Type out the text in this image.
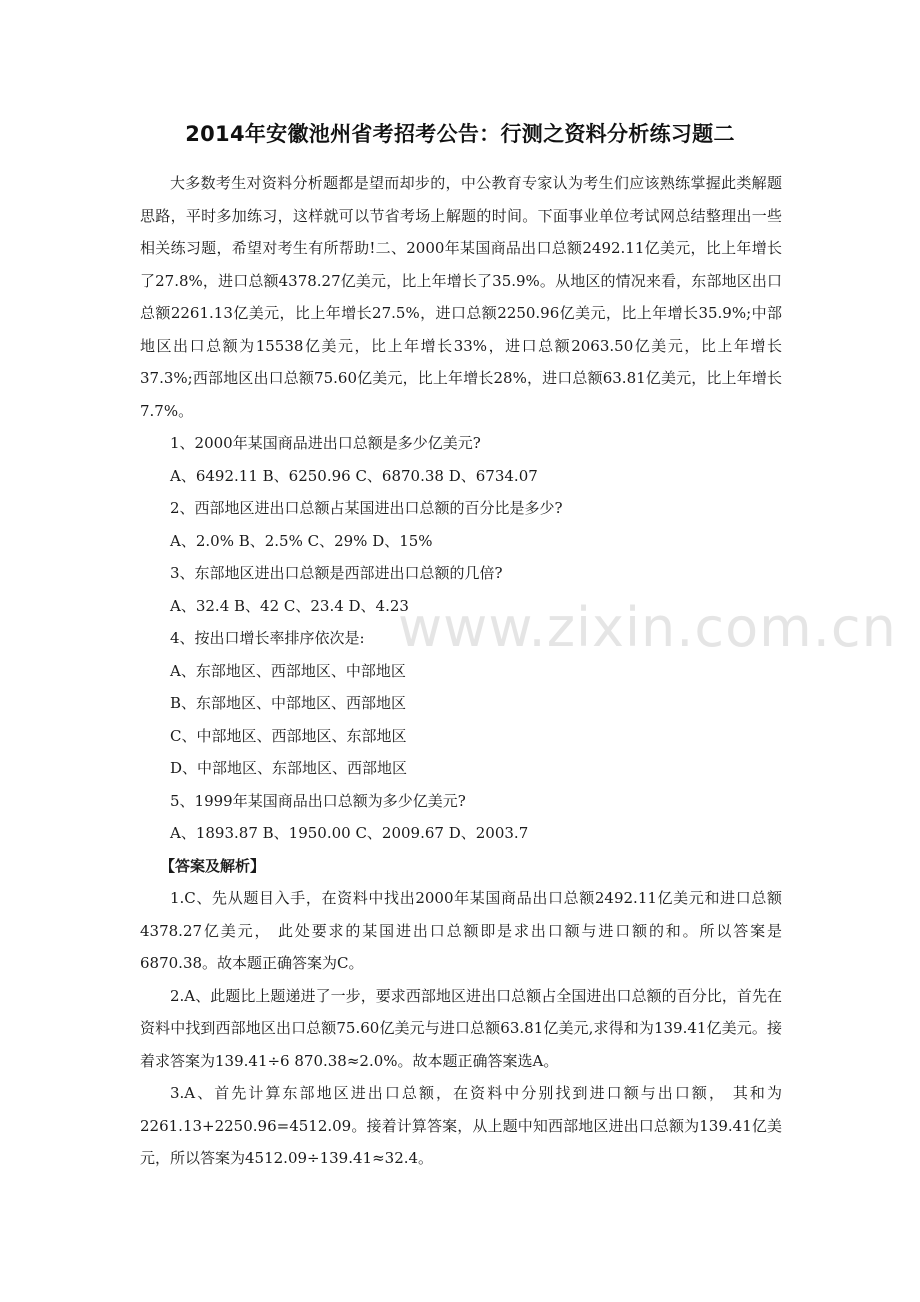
2014年安徽池州省考招考公告：行测之资料分析练习题二

大多数考生对资料分析题都是望而却步的，中公教育专家认为考生们应该熟练掌握此类解题思路，平时多加练习，这样就可以节省考场上解题的时间。下面事业单位考试网总结整理出一些相关练习题，希望对考生有所帮助!二、2000年某国商品出口总额2492.11亿美元，比上年增长了27.8%，进口总额4378.27亿美元，比上年增长了35.9%。从地区的情况来看，东部地区出口总额2261.13亿美元，比上年增长27.5%，进口总额2250.96亿美元，比上年增长35.9%;中部地区出口总额为15538亿美元，比上年增长33%，进口总额2063.50亿美元，比上年增长37.3%;西部地区出口总额75.60亿美元，比上年增长28%，进口总额63.81亿美元，比上年增长7.7%。

1、2000年某国商品进出口总额是多少亿美元?

A、6492.11 B、6250.96 C、6870.38 D、6734.07

2、西部地区进出口总额占某国进出口总额的百分比是多少?

A、2.0% B、2.5% C、29% D、15%

3、东部地区进出口总额是西部进出口总额的几倍?

A、32.4 B、42 C、23.4 D、4.23

4、按出口增长率排序依次是:

A、东部地区、西部地区、中部地区

B、东部地区、中部地区、西部地区

C、中部地区、西部地区、东部地区

D、中部地区、东部地区、西部地区

5、1999年某国商品出口总额为多少亿美元?

A、1893.87 B、1950.00 C、2009.67 D、2003.7

【答案及解析】

1.C、先从题目入手，在资料中找出2000年某国商品出口总额2492.11亿美元和进口总额4378.27亿美元， 此处要求的某国进出口总额即是求出口额与进口额的和。所以答案是6870.38。故本题正确答案为C。

2.A、此题比上题递进了一步，要求西部地区进出口总额占全国进出口总额的百分比，首先在资料中找到西部地区出口总额75.60亿美元与进口总额63.81亿美元,求得和为139.41亿美元。接着求答案为139.41÷6 870.38≈2.0%。故本题正确答案选A。

3.A、首先计算东部地区进出口总额，在资料中分别找到进口额与出口额， 其和为2261.13+2250.96=4512.09。接着计算答案，从上题中知西部地区进出口总额为139.41亿美元，所以答案为4512.09÷139.41≈32.4。

www.zixin.com.cn
